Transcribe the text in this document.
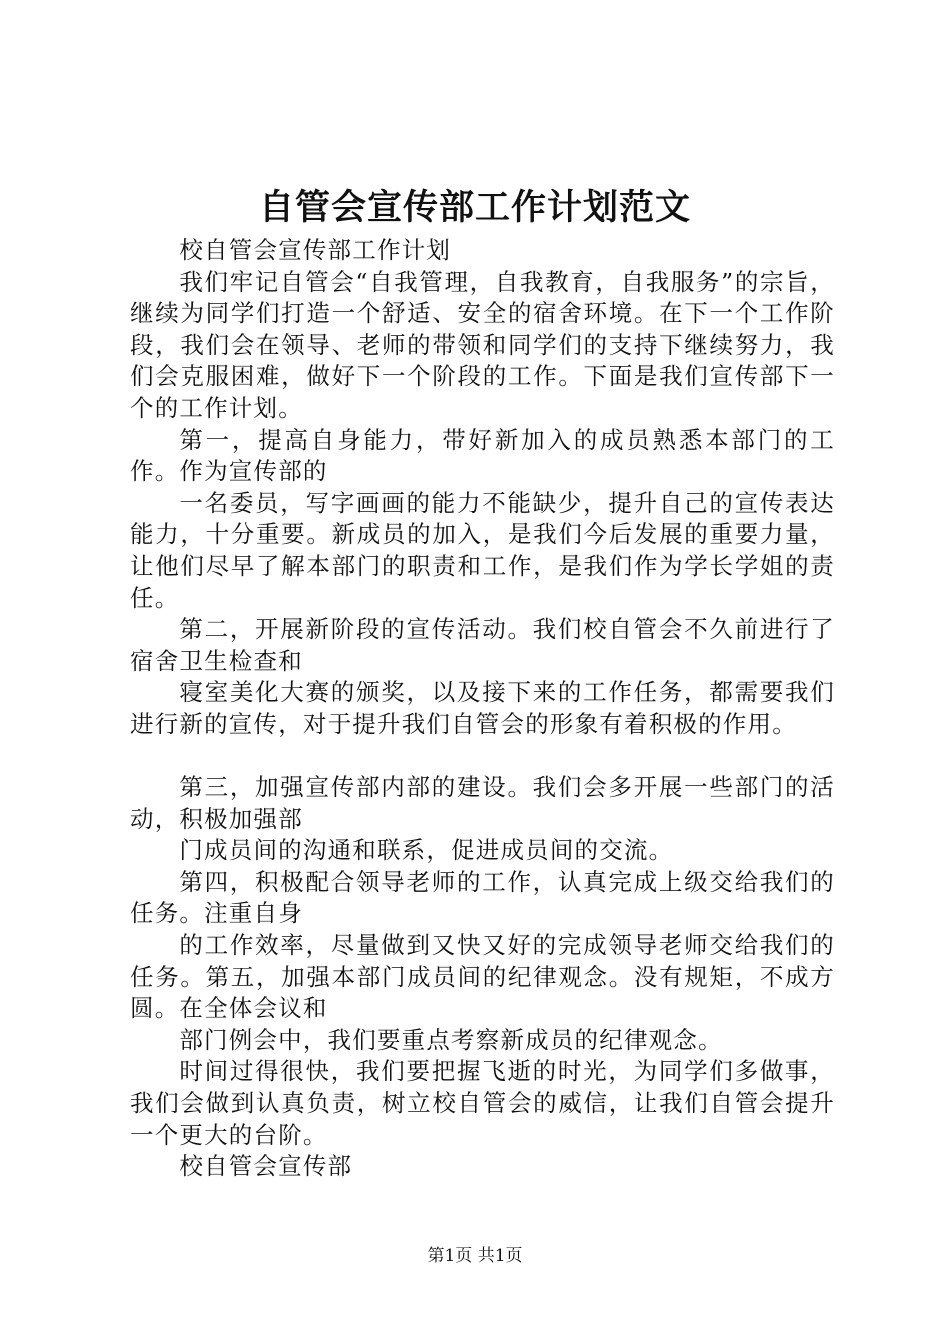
自管会宣传部工作计划范文

校自管会宣传部工作计划

我们牢记自管会“自我管理，自我教育，自我服务”的宗旨，继续为同学们打造一个舒适、安全的宿舍环境。在下一个工作阶段，我们会在领导、老师的带领和同学们的支持下继续努力，我们会克服困难，做好下一个阶段的工作。下面是我们宣传部下一个的工作计划。

第一，提高自身能力，带好新加入的成员熟悉本部门的工作。作为宣传部的

一名委员，写字画画的能力不能缺少，提升自己的宣传表达能力，十分重要。新成员的加入，是我们今后发展的重要力量，让他们尽早了解本部门的职责和工作，是我们作为学长学姐的责任。

第二，开展新阶段的宣传活动。我们校自管会不久前进行了宿舍卫生检查和

寝室美化大赛的颁奖，以及接下来的工作任务，都需要我们进行新的宣传，对于提升我们自管会的形象有着积极的作用。

第三，加强宣传部内部的建设。我们会多开展一些部门的活动，积极加强部

门成员间的沟通和联系，促进成员间的交流。

第四，积极配合领导老师的工作，认真完成上级交给我们的任务。注重自身

的工作效率，尽量做到又快又好的完成领导老师交给我们的任务。第五，加强本部门成员间的纪律观念。没有规矩，不成方圆。在全体会议和

部门例会中，我们要重点考察新成员的纪律观念。

时间过得很快，我们要把握飞逝的时光，为同学们多做事，我们会做到认真负责，树立校自管会的威信，让我们自管会提升一个更大的台阶。

校自管会宣传部

第1页 共1页
